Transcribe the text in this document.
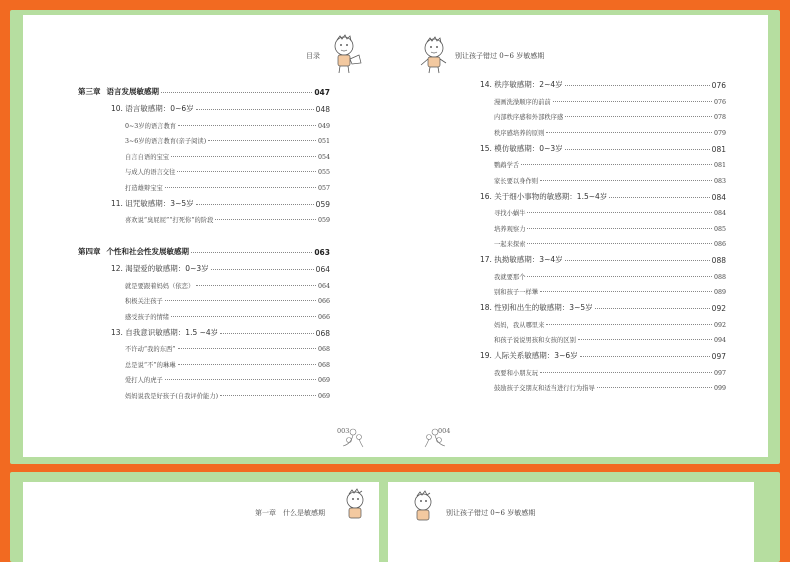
目录	别让孩子错过 0~6 岁敏感期
第三章 语言发展敏感期	047
10. 语言敏感期：0~6岁	048
0~3岁的语言教育	049
3~6岁的语言教育(亲子阅读)	051
自言自语的宝宝	054
与成人的语言交往	055
打造雄辩宝宝	057
11. 诅咒敏感期：3~5岁	059
喜欢说“臭屁屁”“打死你”的阶段	059
第四章 个性和社会性发展敏感期	063
12. 渴望爱的敏感期：0~3岁	064
就是要跟着妈妈（依恋）	064
积极关注孩子	066
感受孩子的情绪	066
13. 自我意识敏感期：1.5 ~4岁	068
不许动“我的东西”	068
总是说“不”的琳琳	068
爱打人的虎子	069
妈妈说我是好孩子(自我评价能力)	069
14. 秩序敏感期：2~4岁	076
漫画洗澡顺序的前前	076
内部秩序感和外部秩序感	078
秩序感培养的原则	079
15. 模仿敏感期：0~3岁	081
鹦鹉学舌	081
家长要以身作则	083
16. 关于细小事物的敏感期：1.5~4岁	084
寻找小蜗牛	084
培养观察力	085
一起来探索	086
17. 执拗敏感期：3~4岁	088
我就要那个	088
别和孩子一样犟	089
18. 性别和出生的敏感期：3~5岁	092
妈妈，我从哪里来	092
和孩子说说男孩和女孩的区别	094
19. 人际关系敏感期：3~6岁	097
我要和小朋友玩	097
鼓励孩子交朋友和适当进行行为指导	099
003	004
第一章　什么是敏感期	别让孩子错过 0~6 岁敏感期
